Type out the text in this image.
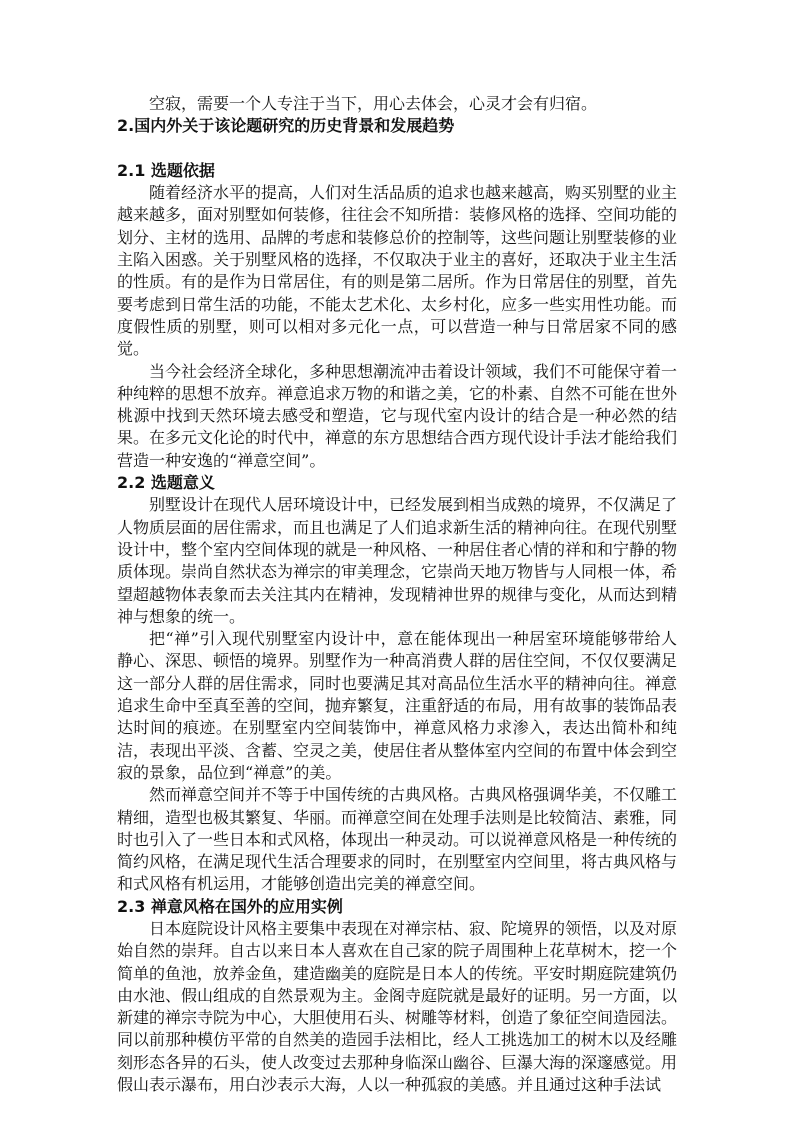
空寂，需要一个人专注于当下，用心去体会，心灵才会有归宿。

2.国内外关于该论题研究的历史背景和发展趋势

2.1 选题依据

随着经济水平的提高，人们对生活品质的追求也越来越高，购买别墅的业主越来越多，面对别墅如何装修，往往会不知所措：装修风格的选择、空间功能的划分、主材的选用、品牌的考虑和装修总价的控制等，这些问题让别墅装修的业主陷入困惑。关于别墅风格的选择，不仅取决于业主的喜好，还取决于业主生活的性质。有的是作为日常居住，有的则是第二居所。作为日常居住的别墅，首先要考虑到日常生活的功能，不能太艺术化、太乡村化，应多一些实用性功能。而度假性质的别墅，则可以相对多元化一点，可以营造一种与日常居家不同的感觉。

当今社会经济全球化，多种思想潮流冲击着设计领域，我们不可能保守着一种纯粹的思想不放弃。禅意追求万物的和谐之美，它的朴素、自然不可能在世外桃源中找到天然环境去感受和塑造，它与现代室内设计的结合是一种必然的结果。在多元文化论的时代中，禅意的东方思想结合西方现代设计手法才能给我们营造一种安逸的“禅意空间”。

2.2 选题意义

别墅设计在现代人居环境设计中，已经发展到相当成熟的境界，不仅满足了人物质层面的居住需求，而且也满足了人们追求新生活的精神向往。在现代别墅设计中，整个室内空间体现的就是一种风格、一种居住者心情的祥和和宁静的物质体现。崇尚自然状态为禅宗的审美理念，它崇尚天地万物皆与人同根一体，希望超越物体表象而去关注其内在精神，发现精神世界的规律与变化，从而达到精神与想象的统一。

把“禅”引入现代别墅室内设计中，意在能体现出一种居室环境能够带给人静心、深思、顿悟的境界。别墅作为一种高消费人群的居住空间，不仅仅要满足这一部分人群的居住需求，同时也要满足其对高品位生活水平的精神向往。禅意追求生命中至真至善的空间，抛弃繁复，注重舒适的布局，用有故事的装饰品表达时间的痕迹。在别墅室内空间装饰中，禅意风格力求渗入，表达出简朴和纯洁，表现出平淡、含蓄、空灵之美，使居住者从整体室内空间的布置中体会到空寂的景象，品位到“禅意”的美。

然而禅意空间并不等于中国传统的古典风格。古典风格强调华美，不仅雕工精细，造型也极其繁复、华丽。而禅意空间在处理手法则是比较简洁、素雅，同时也引入了一些日本和式风格，体现出一种灵动。可以说禅意风格是一种传统的简约风格，在满足现代生活合理要求的同时，在别墅室内空间里，将古典风格与和式风格有机运用，才能够创造出完美的禅意空间。

2.3 禅意风格在国外的应用实例

日本庭院设计风格主要集中表现在对禅宗枯、寂、陀境界的领悟，以及对原始自然的崇拜。自古以来日本人喜欢在自己家的院子周围种上花草树木，挖一个简单的鱼池，放养金鱼，建造幽美的庭院是日本人的传统。平安时期庭院建筑仍由水池、假山组成的自然景观为主。金阁寺庭院就是最好的证明。另一方面，以新建的禅宗寺院为中心，大胆使用石头、树雕等材料，创造了象征空间造园法。同以前那种模仿平常的自然美的造园手法相比，经人工挑选加工的树木以及经雕刻形态各异的石头，使人改变过去那种身临深山幽谷、巨瀑大海的深邃感觉。用假山表示瀑布，用白沙表示大海，人以一种孤寂的美感。并且通过这种手法试
